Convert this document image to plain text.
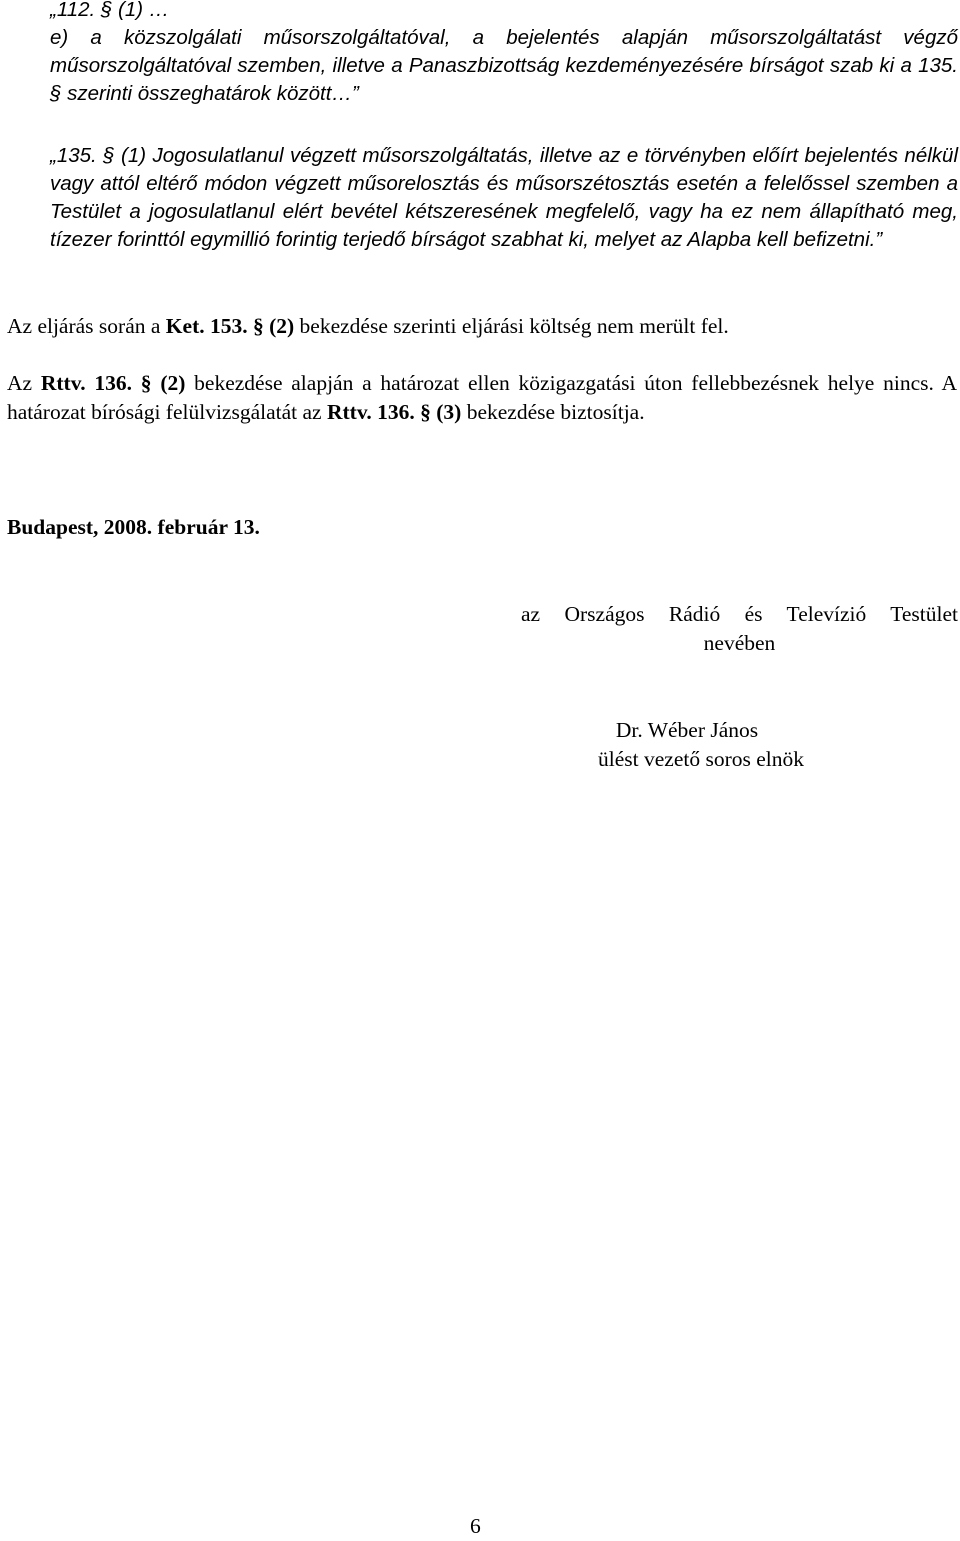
„112. § (1) …
e) a közszolgálati műsorszolgáltatóval, a bejelentés alapján műsorszolgáltatást végző műsorszolgáltatóval szemben, illetve a Panaszbizottság kezdeményezésére bírságot szab ki a 135. § szerinti összeghatárok között…”
„135. § (1) Jogosulatlanul végzett műsorszolgáltatás, illetve az e törvényben előírt bejelentés nélkül vagy attól eltérő módon végzett műsorelosztás és műsorszétosztás esetén a felelőssel szemben a Testület a jogosulatlanul elért bevétel kétszeresének megfelelő, vagy ha ez nem állapítható meg, tízezer forinttól egymillió forintig terjedő bírságot szabhat ki, melyet az Alapba kell befizetni.”
Az eljárás során a Ket. 153. § (2) bekezdése szerinti eljárási költség nem merült fel.
Az Rttv. 136. § (2) bekezdése alapján a határozat ellen közigazgatási úton fellebbezésnek helye nincs. A határozat bírósági felülvizsgálatát az Rttv. 136. § (3) bekezdése biztosítja.
Budapest, 2008. február 13.
az Országos Rádió és Televízió Testület
nevében
Dr. Wéber János
ülést vezető soros elnök
6
